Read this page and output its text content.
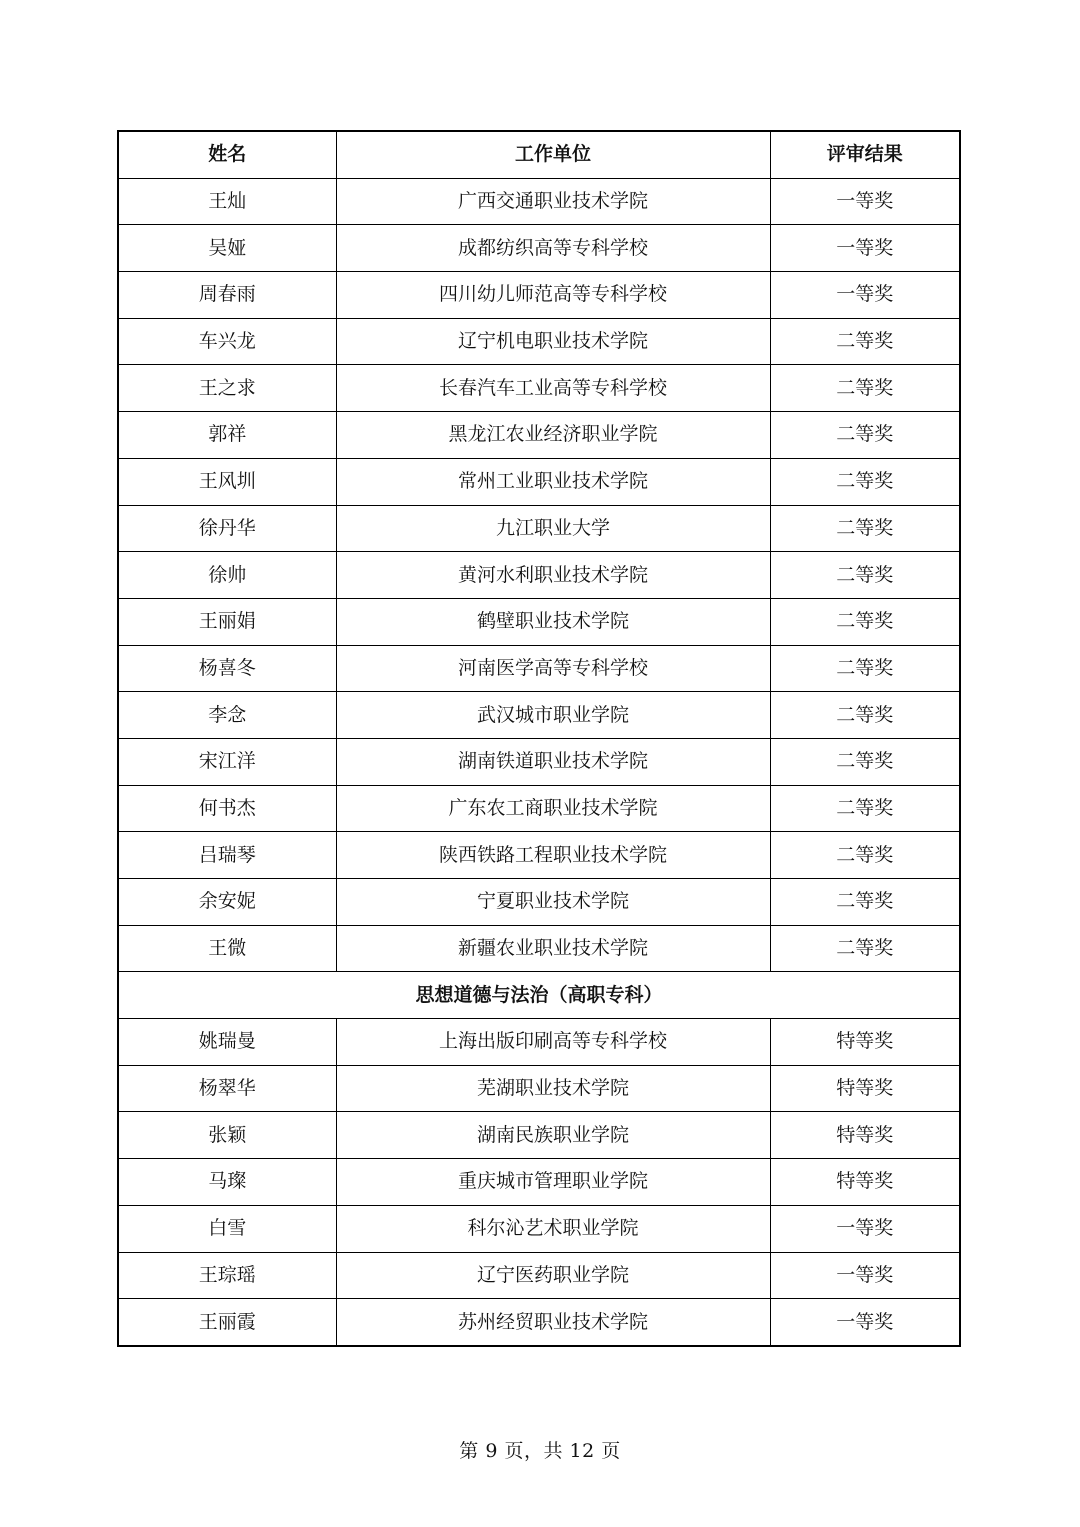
姓名	工作单位	评审结果
王灿	广西交通职业技术学院	一等奖
吴娅	成都纺织高等专科学校	一等奖
周春雨	四川幼儿师范高等专科学校	一等奖
车兴龙	辽宁机电职业技术学院	二等奖
王之求	长春汽车工业高等专科学校	二等奖
郭祥	黑龙江农业经济职业学院	二等奖
王风圳	常州工业职业技术学院	二等奖
徐丹华	九江职业大学	二等奖
徐帅	黄河水利职业技术学院	二等奖
王丽娟	鹤壁职业技术学院	二等奖
杨喜冬	河南医学高等专科学校	二等奖
李念	武汉城市职业学院	二等奖
宋江洋	湖南铁道职业技术学院	二等奖
何书杰	广东农工商职业技术学院	二等奖
吕瑞琴	陕西铁路工程职业技术学院	二等奖
余安妮	宁夏职业技术学院	二等奖
王微	新疆农业职业技术学院	二等奖
思想道德与法治（高职专科）		
姚瑞曼	上海出版印刷高等专科学校	特等奖
杨翠华	芜湖职业技术学院	特等奖
张颖	湖南民族职业学院	特等奖
马璨	重庆城市管理职业学院	特等奖
白雪	科尔沁艺术职业学院	一等奖
王琮瑶	辽宁医药职业学院	一等奖
王丽霞	苏州经贸职业技术学院	一等奖
第 9 页，共 12 页
